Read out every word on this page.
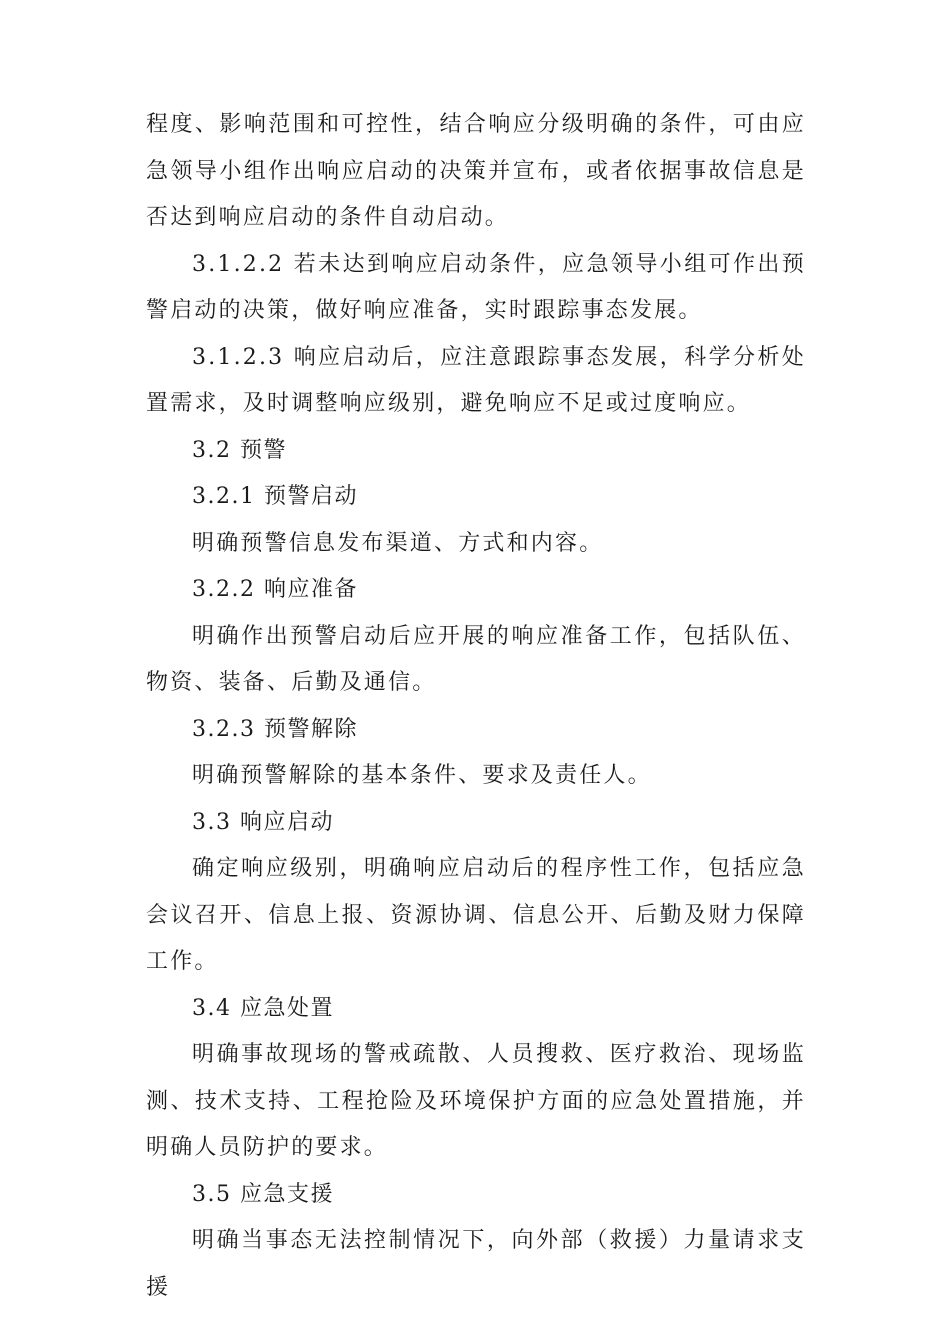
程度、影响范围和可控性，结合响应分级明确的条件，可由应急领导小组作出响应启动的决策并宣布，或者依据事故信息是否达到响应启动的条件自动启动。

3.1.2.2 若未达到响应启动条件，应急领导小组可作出预警启动的决策，做好响应准备，实时跟踪事态发展。

3.1.2.3 响应启动后，应注意跟踪事态发展，科学分析处置需求，及时调整响应级别，避免响应不足或过度响应。

3.2 预警

3.2.1 预警启动

明确预警信息发布渠道、方式和内容。

3.2.2 响应准备

明确作出预警启动后应开展的响应准备工作，包括队伍、物资、装备、后勤及通信。

3.2.3 预警解除

明确预警解除的基本条件、要求及责任人。

3.3 响应启动

确定响应级别，明确响应启动后的程序性工作，包括应急会议召开、信息上报、资源协调、信息公开、后勤及财力保障工作。

3.4 应急处置

明确事故现场的警戒疏散、人员搜救、医疗救治、现场监测、技术支持、工程抢险及环境保护方面的应急处置措施，并明确人员防护的要求。

3.5 应急支援

明确当事态无法控制情况下，向外部（救援）力量请求支援
